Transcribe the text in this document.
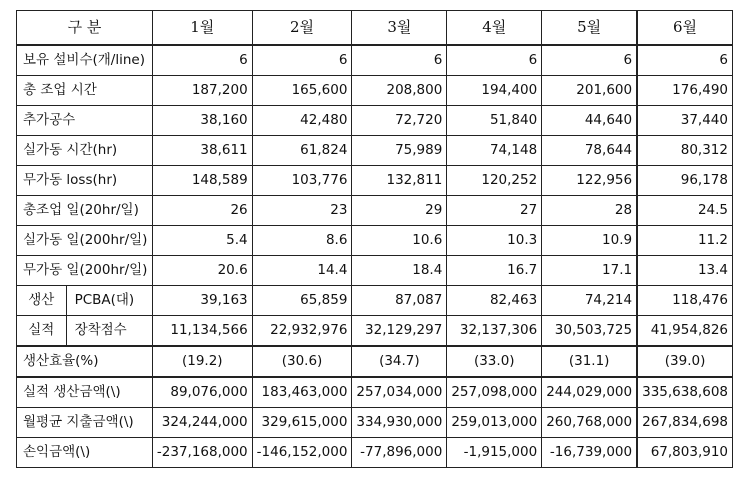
구 분		1월	2월	3월	4월	5월	6월
보유 설비수(개/line)		6	6	6	6	6	6
총 조업 시간		187,200	165,600	208,800	194,400	201,600	176,490
추가공수		38,160	42,480	72,720	51,840	44,640	37,440
실가동 시간(hr)		38,611	61,824	75,989	74,148	78,644	80,312
무가동 loss(hr)		148,589	103,776	132,811	120,252	122,956	96,178
총조업 일(20hr/일)		26	23	29	27	28	24.5
실가동 일(200hr/일)		5.4	8.6	10.6	10.3	10.9	11.2
무가동 일(200hr/일)		20.6	14.4	18.4	16.7	17.1	13.4
생산	PCBA(대)	39,163	65,859	87,087	82,463	74,214	118,476
실적	장착점수	11,134,566	22,932,976	32,129,297	32,137,306	30,503,725	41,954,826
생산효율(%)		(19.2)	(30.6)	(34.7)	(33.0)	(31.1)	(39.0)
실적 생산금액(\)		89,076,000	183,463,000	257,034,000	257,098,000	244,029,000	335,638,608
월평균 지출금액(\)		324,244,000	329,615,000	334,930,000	259,013,000	260,768,000	267,834,698
손익금액(\)		-237,168,000	-146,152,000	-77,896,000	-1,915,000	-16,739,000	67,803,910
